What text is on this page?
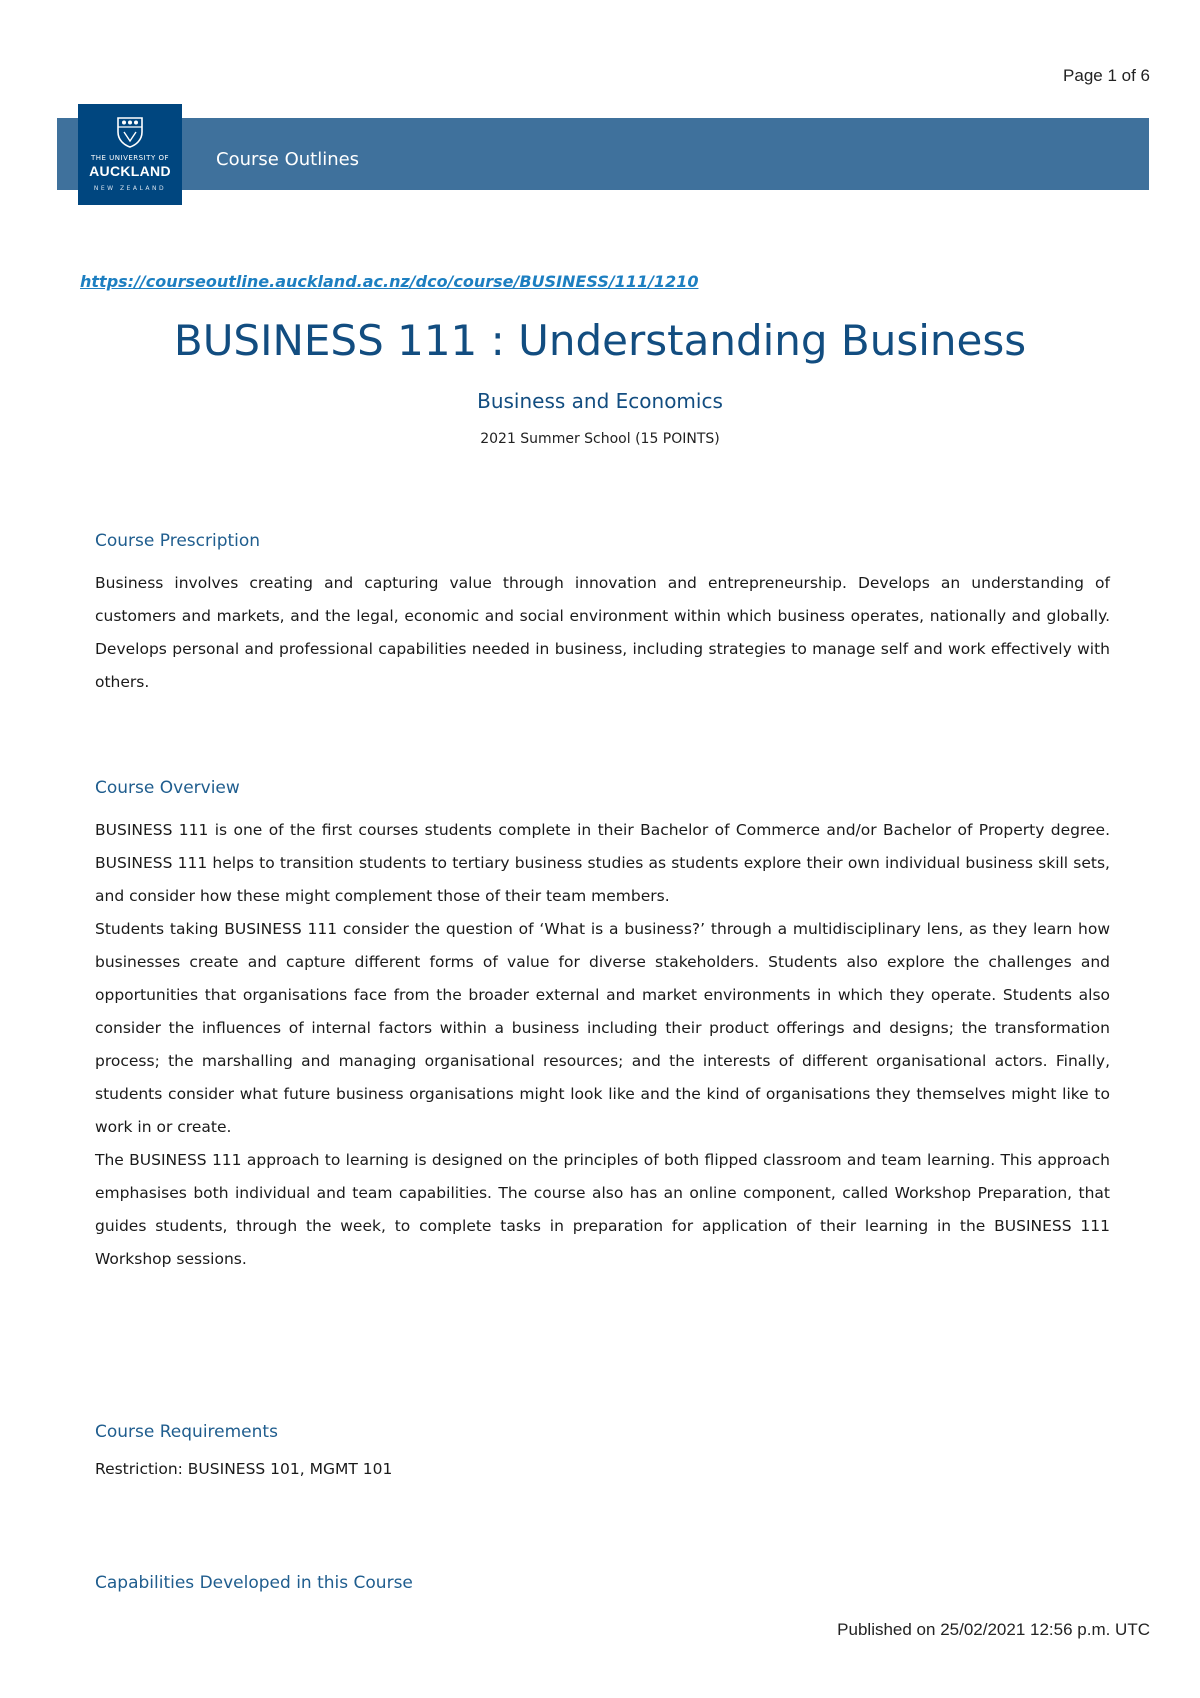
Page 1 of 6
THE UNIVERSITY OF
AUCKLAND
NEW ZEALAND
Course Outlines
https://courseoutline.auckland.ac.nz/dco/course/BUSINESS/111/1210
BUSINESS 111 : Understanding Business
Business and Economics
2021 Summer School (15 POINTS)
Course Prescription

Business involves creating and capturing value through innovation and entrepreneurship. Develops an understanding of customers and markets, and the legal, economic and social environment within which business operates, nationally and globally. Develops personal and professional capabilities needed in business, including strategies to manage self and work effectively with others.

Course Overview

BUSINESS 111 is one of the first courses students complete in their Bachelor of Commerce and/or Bachelor of Property degree. BUSINESS 111 helps to transition students to tertiary business studies as students explore their own individual business skill sets, and consider how these might complement those of their team members.

Students taking BUSINESS 111 consider the question of ‘What is a business?’ through a multidisciplinary lens, as they learn how businesses create and capture different forms of value for diverse stakeholders. Students also explore the challenges and opportunities that organisations face from the broader external and market environments in which they operate. Students also consider the influences of internal factors within a business including their product offerings and designs; the transformation process; the marshalling and managing organisational resources; and the interests of different organisational actors. Finally, students consider what future business organisations might look like and the kind of organisations they themselves might like to work in or create.

The BUSINESS 111 approach to learning is designed on the principles of both flipped classroom and team learning. This approach emphasises both individual and team capabilities. The course also has an online component, called Workshop Preparation, that guides students, through the week, to complete tasks in preparation for application of their learning in the BUSINESS 111 Workshop sessions.

Course Requirements
Restriction: BUSINESS 101, MGMT 101
Capabilities Developed in this Course
Published on 25/02/2021 12:56 p.m. UTC
